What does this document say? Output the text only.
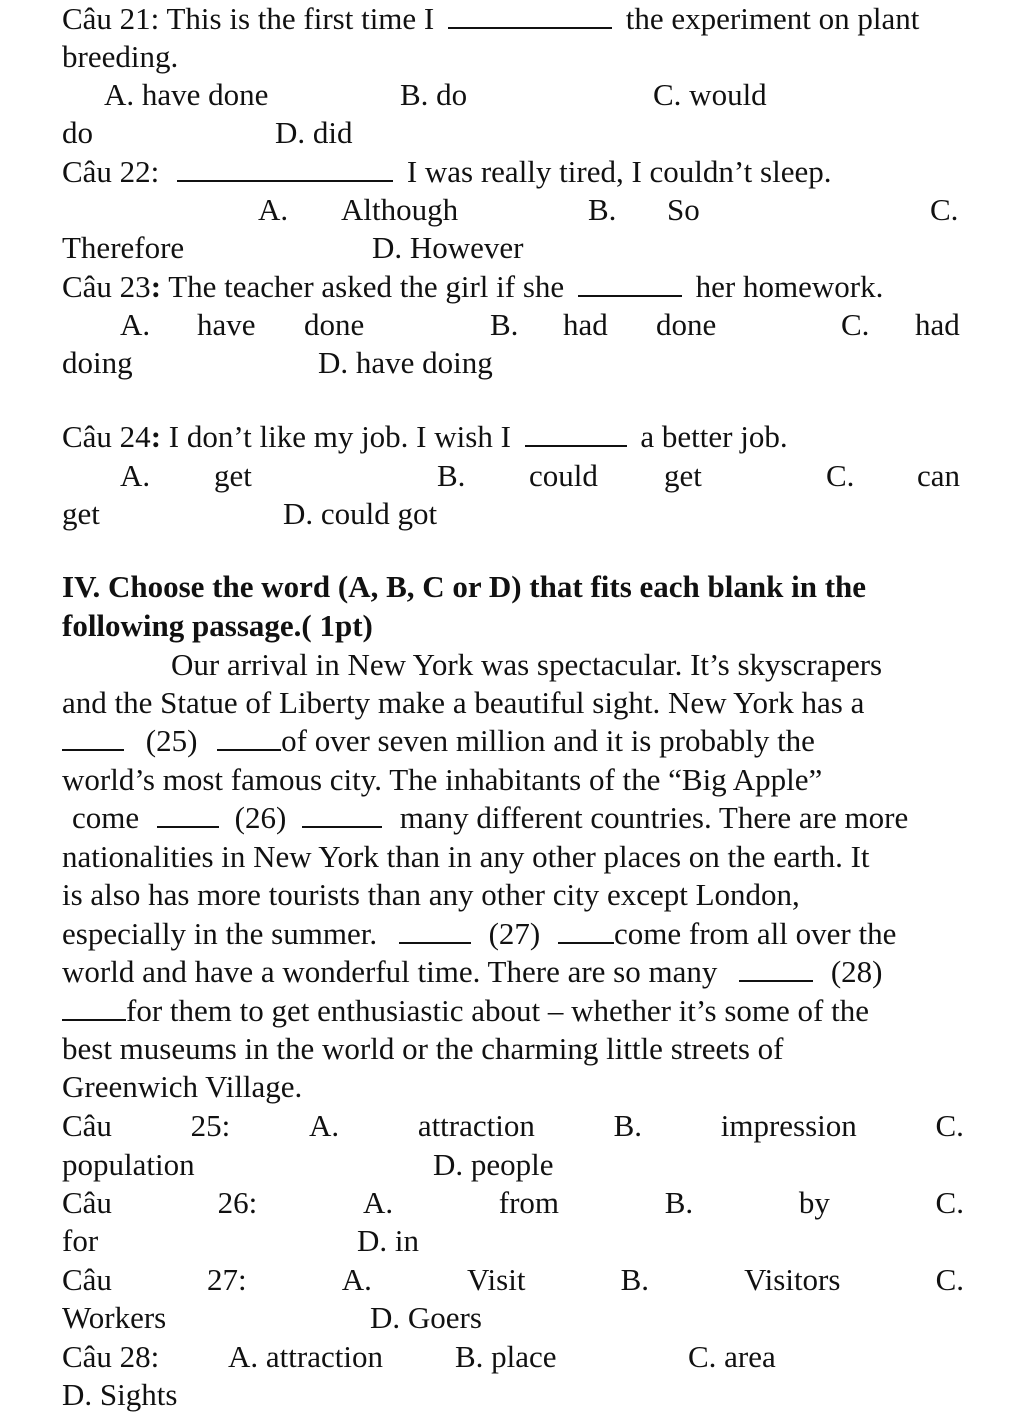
Câu 21: This is the first time I	the experiment on plant
breeding.
A. have done	B. do	C. would
do	D. did
Câu 22:	I was really tired, I couldn’t sleep.
A. Although	B. So	C.
Therefore	D. However
Câu 23: The teacher asked the girl if she	her homework.
A. have done	B. had done	C. had
doing	D. have doing
Câu 24: I don’t like my job. I wish I	a better job.
A. get	B. could get	C. can
get	D. could got
IV. Choose the word (A, B, C or D) that fits each blank in the
following passage.( 1pt)
Our arrival in New York was spectacular. It’s skyscrapers
and the Statue of Liberty make a beautiful sight. New York has a
(25)	of over seven million and it is probably the
world’s most famous city. The inhabitants of the “Big Apple”
come	(26)	many different countries. There are more
nationalities in New York than in any other places on the earth. It
is also has more tourists than any other city except London,
especially in the summer.	(27) come from all over the
world and have a wonderful time. There are so many	(28)
for them to get enthusiastic about – whether it’s some of the
best museums in the world or the charming little streets of
Greenwich Village.
Câu	25:	A.	attraction	B.	impression	C.
population	D. people
Câu	26:	A.	from	B.	by	C.
for	D. in
Câu	27:	A.	Visit	B.	Visitors	C.
Workers	D. Goers
Câu 28: A. attraction B. place	C. area
D. Sights
